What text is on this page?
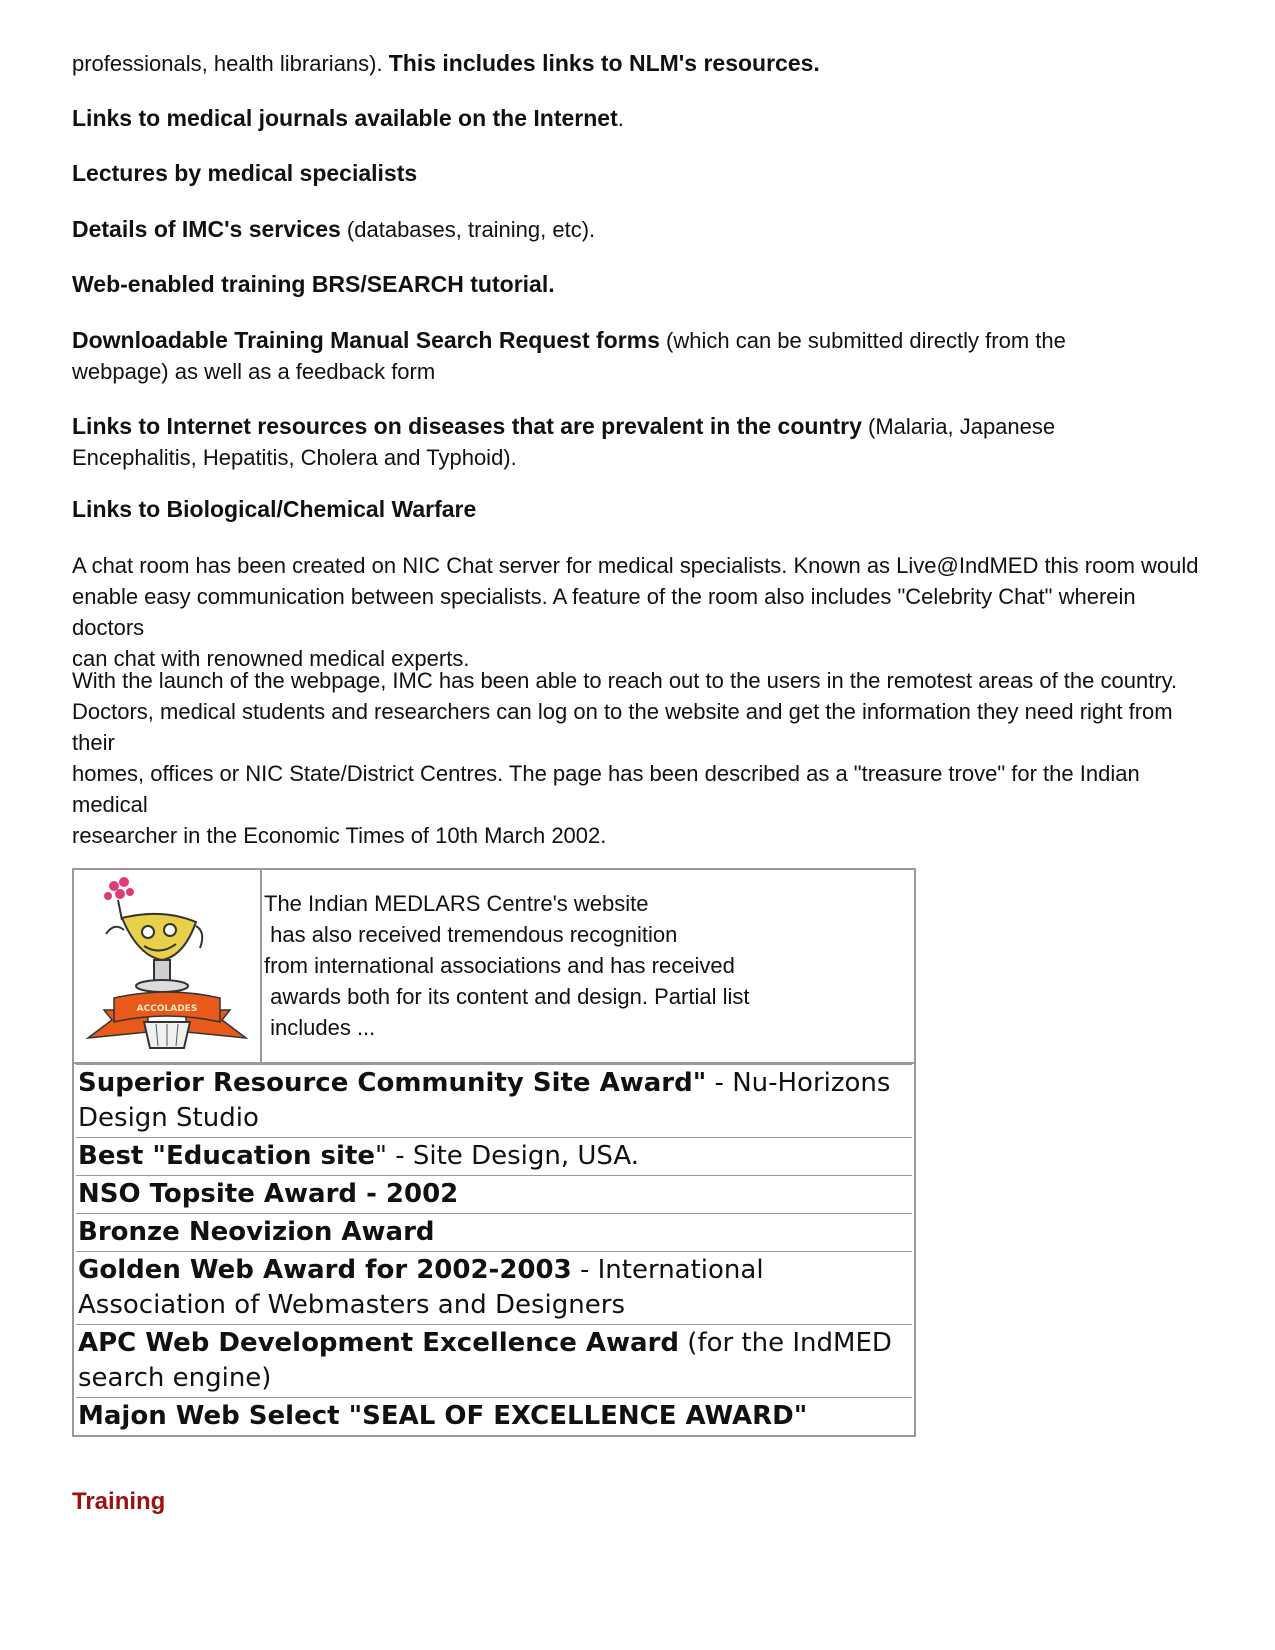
professionals, health librarians). This includes links to NLM's resources.

Links to medical journals available on the Internet.

Lectures by medical specialists

Details of IMC's services (databases, training, etc).

Web-enabled training BRS/SEARCH tutorial.

Downloadable Training Manual Search Request forms (which can be submitted directly from the

webpage) as well as a feedback form

Links to Internet resources on diseases that are prevalent in the country (Malaria, Japanese

Encephalitis, Hepatitis, Cholera and Typhoid).

Links to Biological/Chemical Warfare

A chat room has been created on NIC Chat server for medical specialists. Known as Live@IndMED this room would

enable easy communication between specialists. A feature of the room also includes "Celebrity Chat" wherein doctors

can chat with renowned medical experts.

With the launch of the webpage, IMC has been able to reach out to the users in the remotest areas of the country.

Doctors, medical students and researchers can log on to the website and get the information they need right from their

homes, offices or NIC State/District Centres. The page has been described as a "treasure trove" for the Indian medical

researcher in the Economic Times of 10th March 2002.

ACCOLADES
The Indian MEDLARS Centre's website
has also received tremendous recognition
from international associations and has received
awards both for its content and design. Partial list
includes ...
Superior Resource Community Site Award" - Nu-Horizons
Design Studio
Best "Education site" - Site Design, USA.
NSO Topsite Award - 2002
Bronze Neovizion Award
Golden Web Award for 2002-2003 - International
Association of Webmasters and Designers
APC Web Development Excellence Award (for the IndMED
search engine)
Majon Web Select "SEAL OF EXCELLENCE AWARD"
Training
